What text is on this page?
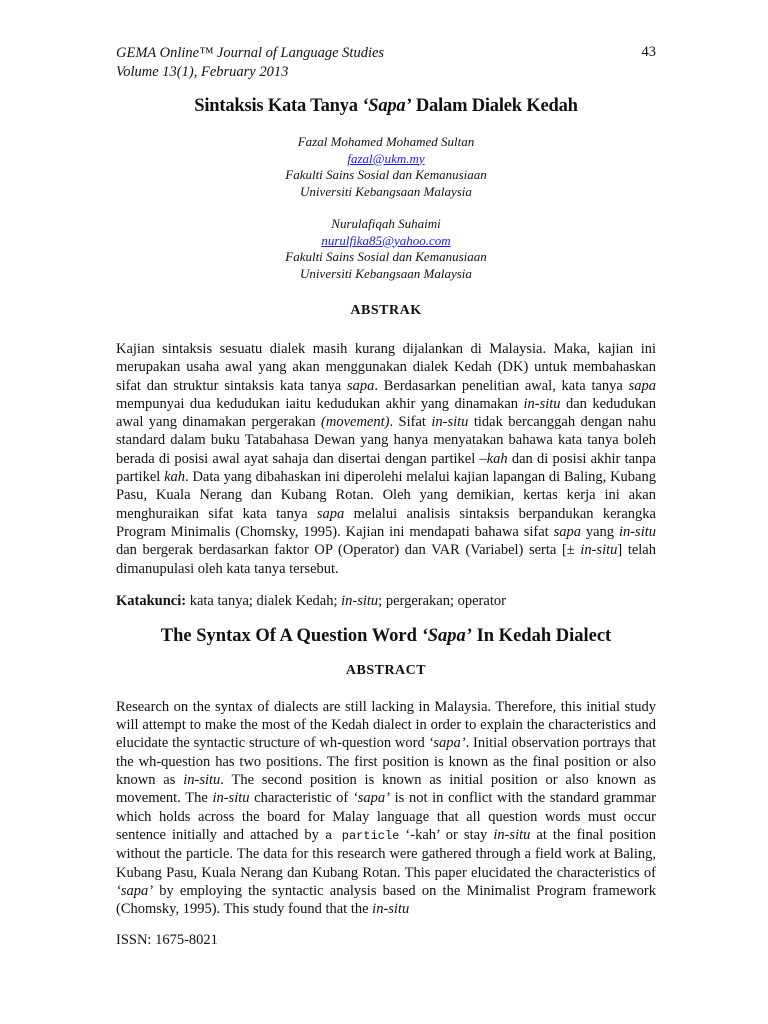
GEMA Online™ Journal of Language Studies
Volume 13(1), February 2013
43
Sintaksis Kata Tanya ‘Sapa’ Dalam Dialek Kedah
Fazal Mohamed Mohamed Sultan
fazal@ukm.my
Fakulti Sains Sosial dan Kemanusiaan
Universiti Kebangsaan Malaysia
Nurulafiqah Suhaimi
nurulfika85@yahoo.com
Fakulti Sains Sosial dan Kemanusiaan
Universiti Kebangsaan Malaysia
ABSTRAK

Kajian sintaksis sesuatu dialek masih kurang dijalankan di Malaysia. Maka, kajian ini merupakan usaha awal yang akan menggunakan dialek Kedah (DK) untuk membahaskan sifat dan struktur sintaksis kata tanya sapa. Berdasarkan penelitian awal, kata tanya sapa mempunyai dua kedudukan iaitu kedudukan akhir yang dinamakan in-situ dan kedudukan awal yang dinamakan pergerakan (movement). Sifat in-situ tidak bercanggah dengan nahu standard dalam buku Tatabahasa Dewan yang hanya menyatakan bahawa kata tanya boleh berada di posisi awal ayat sahaja dan disertai dengan partikel –kah dan di posisi akhir tanpa partikel kah. Data yang dibahaskan ini diperolehi melalui kajian lapangan di Baling, Kubang Pasu, Kuala Nerang dan Kubang Rotan. Oleh yang demikian, kertas kerja ini akan menghuraikan sifat kata tanya sapa melalui analisis sintaksis berpandukan kerangka Program Minimalis (Chomsky, 1995). Kajian ini mendapati bahawa sifat sapa yang in-situ dan bergerak berdasarkan faktor OP (Operator) dan VAR (Variabel) serta [± in-situ] telah dimanupulasi oleh kata tanya tersebut.

Katakunci: kata tanya; dialek Kedah; in-situ; pergerakan; operator
The Syntax Of A Question Word ‘Sapa’ In Kedah Dialect
ABSTRACT

Research on the syntax of dialects are still lacking in Malaysia. Therefore, this initial study will attempt to make the most of the Kedah dialect in order to explain the characteristics and elucidate the syntactic structure of wh-question word ‘sapa’. Initial observation portrays that the wh-question has two positions. The first position is known as the final position or also known as in-situ. The second position is known as initial position or also known as movement. The in-situ characteristic of ‘sapa’ is not in conflict with the standard grammar which holds across the board for Malay language that all question words must occur sentence initially and attached by a particle ‘-kah’ or stay in-situ at the final position without the particle. The data for this research were gathered through a field work at Baling, Kubang Pasu, Kuala Nerang dan Kubang Rotan. This paper elucidated the characteristics of ‘sapa’ by employing the syntactic analysis based on the Minimalist Program framework (Chomsky, 1995). This study found that the in-situ

ISSN: 1675-8021
